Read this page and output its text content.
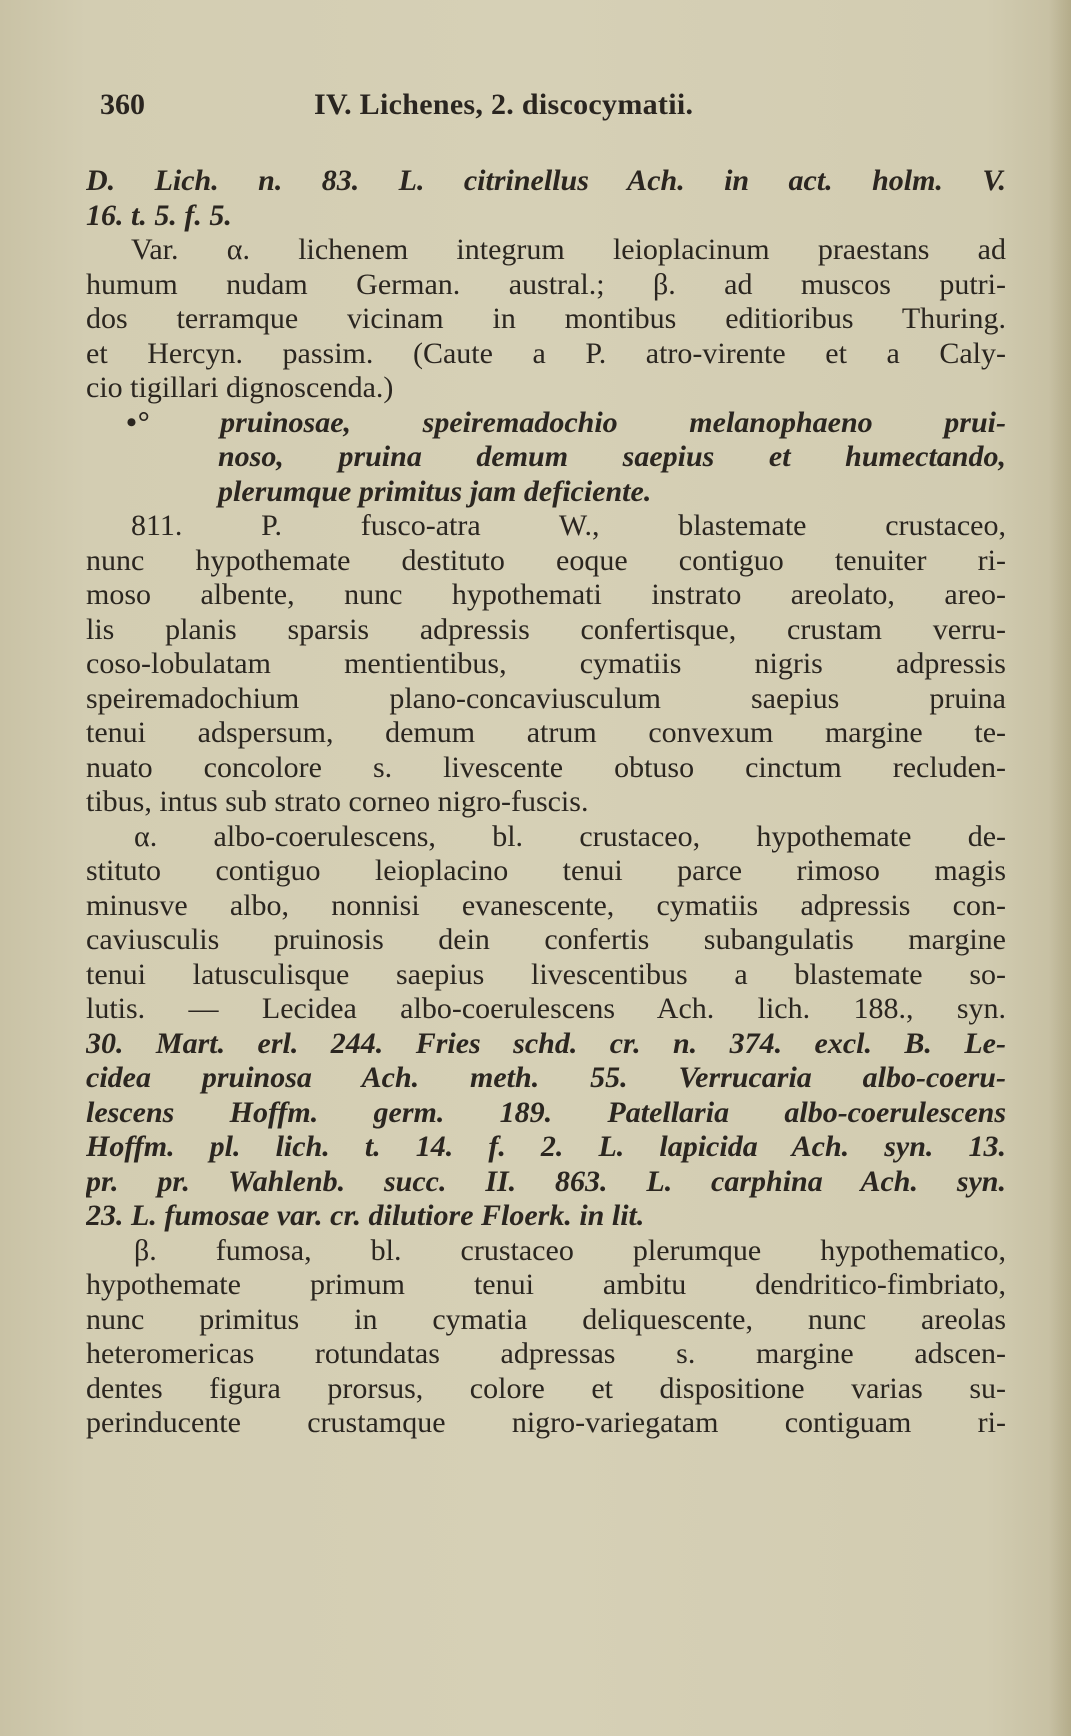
360	IV. Lichenes, 2. discocymatii.
D. Lich. n. 83. L. citrinellus Ach. in act. holm. V.
16. t. 5. f. 5.
Var. α. lichenem integrum leioplacinum praestans ad
humum nudam German. austral.; β. ad muscos putri-
dos terramque vicinam in montibus editioribus Thuring.
et Hercyn. passim. (Caute a P. atro-virente et a Caly-
cio tigillari dignoscenda.)
•° pruinosae, speiremadochio melanophaeno prui-
noso, pruina demum saepius et humectando,
plerumque primitus jam deficiente.
811. P. fusco-atra W., blastemate crustaceo,
nunc hypothemate destituto eoque contiguo tenuiter ri-
moso albente, nunc hypothemati instrato areolato, areo-
lis planis sparsis adpressis confertisque, crustam verru-
coso-lobulatam mentientibus, cymatiis nigris adpressis
speiremadochium plano-concaviusculum saepius pruina
tenui adspersum, demum atrum convexum margine te-
nuato concolore s. livescente obtuso cinctum recluden-
tibus, intus sub strato corneo nigro-fuscis.
α. albo-coerulescens, bl. crustaceo, hypothemate de-
stituto contiguo leioplacino tenui parce rimoso magis
minusve albo, nonnisi evanescente, cymatiis adpressis con-
caviusculis pruinosis dein confertis subangulatis margine
tenui latusculisque saepius livescentibus a blastemate so-
lutis. — Lecidea albo-coerulescens Ach. lich. 188., syn.
30. Mart. erl. 244. Fries schd. cr. n. 374. excl. B. Le-
cidea pruinosa Ach. meth. 55. Verrucaria albo-coeru-
lescens Hoffm. germ. 189. Patellaria albo-coerulescens
Hoffm. pl. lich. t. 14. f. 2. L. lapicida Ach. syn. 13.
pr. pr. Wahlenb. succ. II. 863. L. carphina Ach. syn.
23. L. fumosae var. cr. dilutiore Floerk. in lit.
β. fumosa, bl. crustaceo plerumque hypothematico,
hypothemate primum tenui ambitu dendritico-fimbriato,
nunc primitus in cymatia deliquescente, nunc areolas
heteromericas rotundatas adpressas s. margine adscen-
dentes figura prorsus, colore et dispositione varias su-
perinducente crustamque nigro-variegatam contiguam ri-
